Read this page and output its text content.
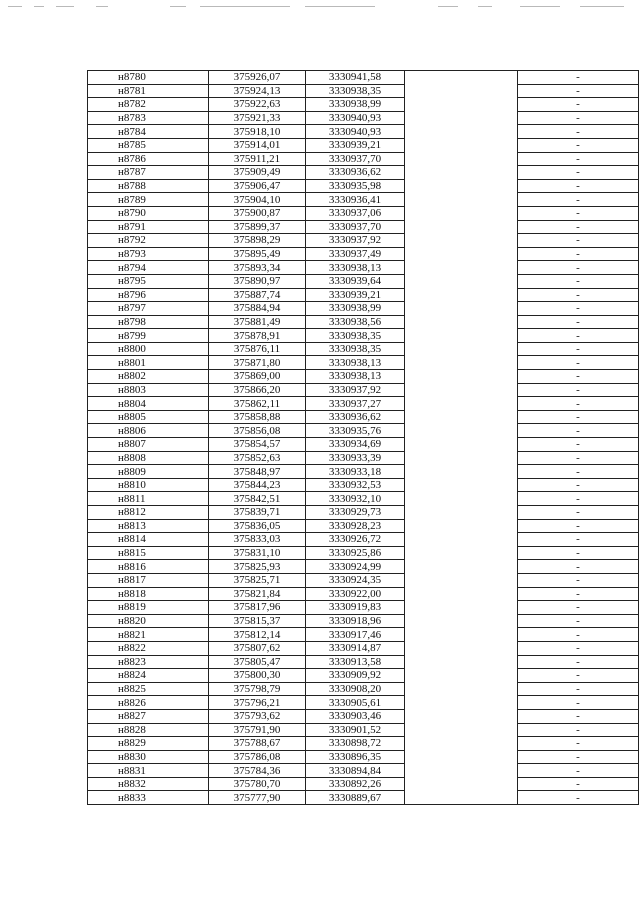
н8780	375926,07	3330941,58		-
н8781	375924,13	3330938,35		-
н8782	375922,63	3330938,99		-
н8783	375921,33	3330940,93		-
н8784	375918,10	3330940,93		-
н8785	375914,01	3330939,21		-
н8786	375911,21	3330937,70		-
н8787	375909,49	3330936,62		-
н8788	375906,47	3330935,98		-
н8789	375904,10	3330936,41		-
н8790	375900,87	3330937,06		-
н8791	375899,37	3330937,70		-
н8792	375898,29	3330937,92		-
н8793	375895,49	3330937,49		-
н8794	375893,34	3330938,13		-
н8795	375890,97	3330939,64		-
н8796	375887,74	3330939,21		-
н8797	375884,94	3330938,99		-
н8798	375881,49	3330938,56		-
н8799	375878,91	3330938,35		-
н8800	375876,11	3330938,35		-
н8801	375871,80	3330938,13		-
н8802	375869,00	3330938,13		-
н8803	375866,20	3330937,92		-
н8804	375862,11	3330937,27		-
н8805	375858,88	3330936,62		-
н8806	375856,08	3330935,76		-
н8807	375854,57	3330934,69		-
н8808	375852,63	3330933,39		-
н8809	375848,97	3330933,18		-
н8810	375844,23	3330932,53		-
н8811	375842,51	3330932,10		-
н8812	375839,71	3330929,73		-
н8813	375836,05	3330928,23		-
н8814	375833,03	3330926,72		-
н8815	375831,10	3330925,86		-
н8816	375825,93	3330924,99		-
н8817	375825,71	3330924,35		-
н8818	375821,84	3330922,00		-
н8819	375817,96	3330919,83		-
н8820	375815,37	3330918,96		-
н8821	375812,14	3330917,46		-
н8822	375807,62	3330914,87		-
н8823	375805,47	3330913,58		-
н8824	375800,30	3330909,92		-
н8825	375798,79	3330908,20		-
н8826	375796,21	3330905,61		-
н8827	375793,62	3330903,46		-
н8828	375791,90	3330901,52		-
н8829	375788,67	3330898,72		-
н8830	375786,08	3330896,35		-
н8831	375784,36	3330894,84		-
н8832	375780,70	3330892,26		-
н8833	375777,90	3330889,67		-
